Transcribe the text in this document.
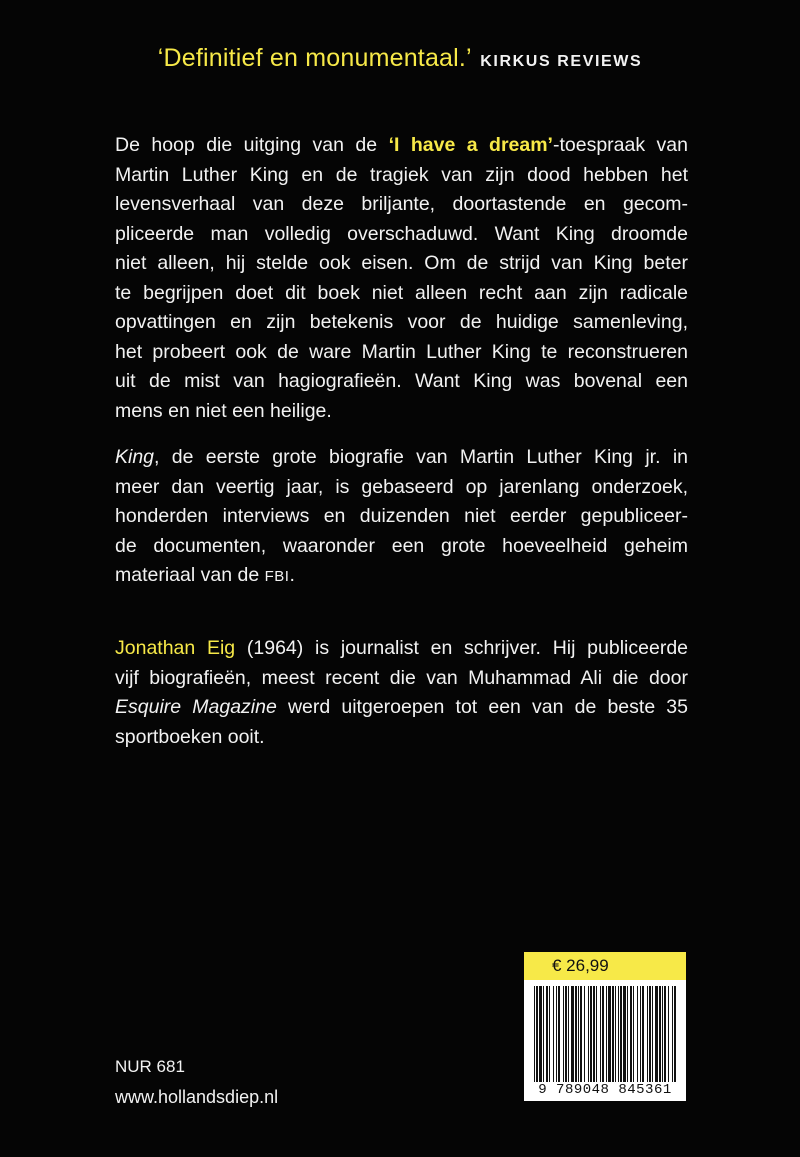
‘Definitief en monumentaal.’ KIRKUS REVIEWS

De hoop die uitging van de ‘I have a dream’-toespraak van
Martin Luther King en de tragiek van zijn dood hebben het
levensverhaal van deze briljante, doortastende en gecom-
pliceerde man volledig overschaduwd. Want King droomde
niet alleen, hij stelde ook eisen. Om de strijd van King beter
te begrijpen doet dit boek niet alleen recht aan zijn radicale
opvattingen en zijn betekenis voor de huidige samenleving,
het probeert ook de ware Martin Luther King te reconstrueren
uit de mist van hagiografieën. Want King was bovenal een
mens en niet een heilige.

King, de eerste grote biografie van Martin Luther King jr. in
meer dan veertig jaar, is gebaseerd op jarenlang onderzoek,
honderden interviews en duizenden niet eerder gepubliceer-
de documenten, waaronder een grote hoeveelheid geheim
materiaal van de FBI.

Jonathan Eig (1964) is journalist en schrijver. Hij publiceerde
vijf biografieën, meest recent die van Muhammad Ali die door
Esquire Magazine werd uitgeroepen tot een van de beste 35
sportboeken ooit.

€ 26,99
9 789048 845361
NUR 681
www.hollandsdiep.nl
